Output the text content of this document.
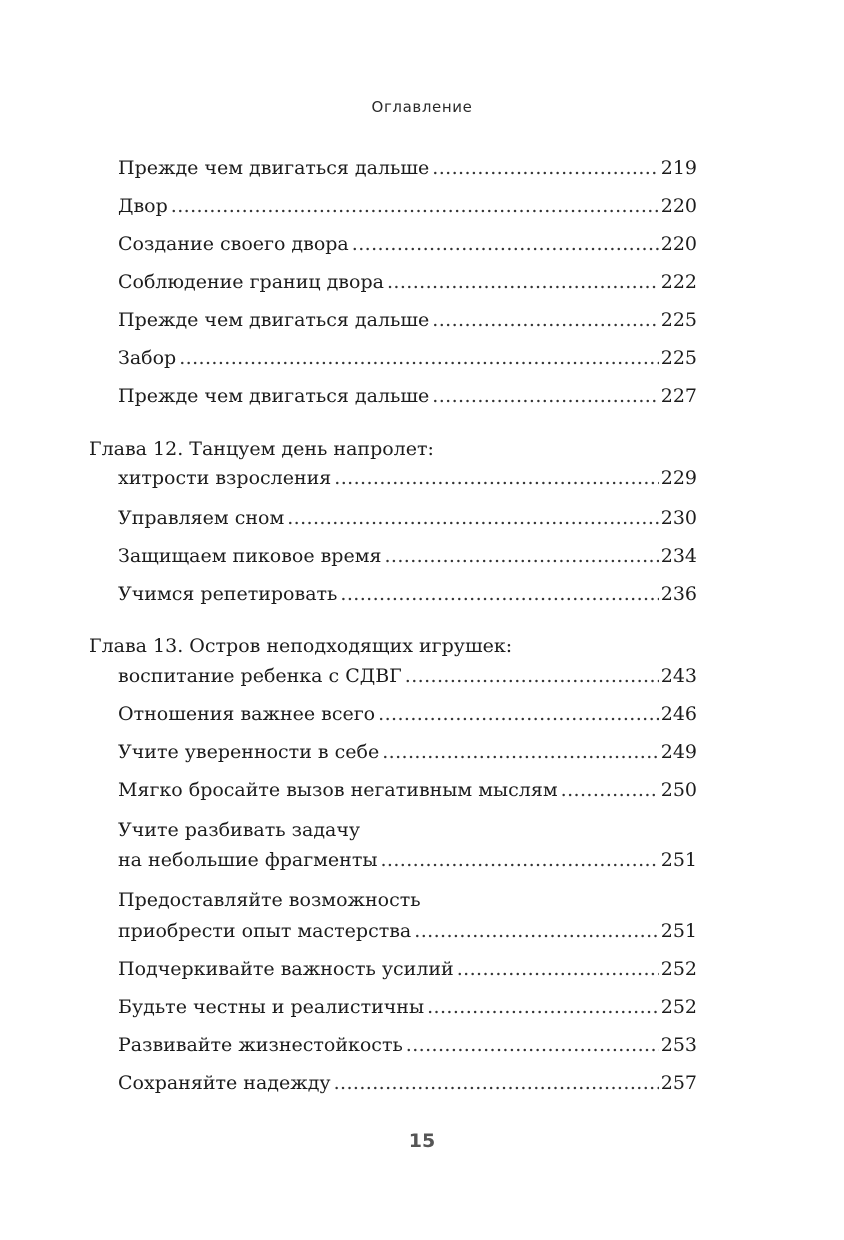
Оглавление
Прежде чем двигаться дальше .....	219
Двор .....	220
Создание своего двора .....	220
Соблюдение границ двора .....	222
Прежде чем двигаться дальше .....	225
Забор .....	225
Прежде чем двигаться дальше .....	227
Глава 12. Танцуем день напролет:
хитрости взросления .....	229
Управляем сном .....	230
Защищаем пиковое время .....	234
Учимся репетировать .....	236
Глава 13. Остров неподходящих игрушек:
воспитание ребенка с СДВГ .....	243
Отношения важнее всего .....	246
Учите уверенности в себе .....	249
Мягко бросайте вызов негативным мыслям .....	250
Учите разбивать задачу
на небольшие фрагменты .....	251
Предоставляйте возможность
приобрести опыт мастерства .....	251
Подчеркивайте важность усилий .....	252
Будьте честны и реалистичны .....	252
Развивайте жизнестойкость .....	253
Сохраняйте надежду .....	257
15
